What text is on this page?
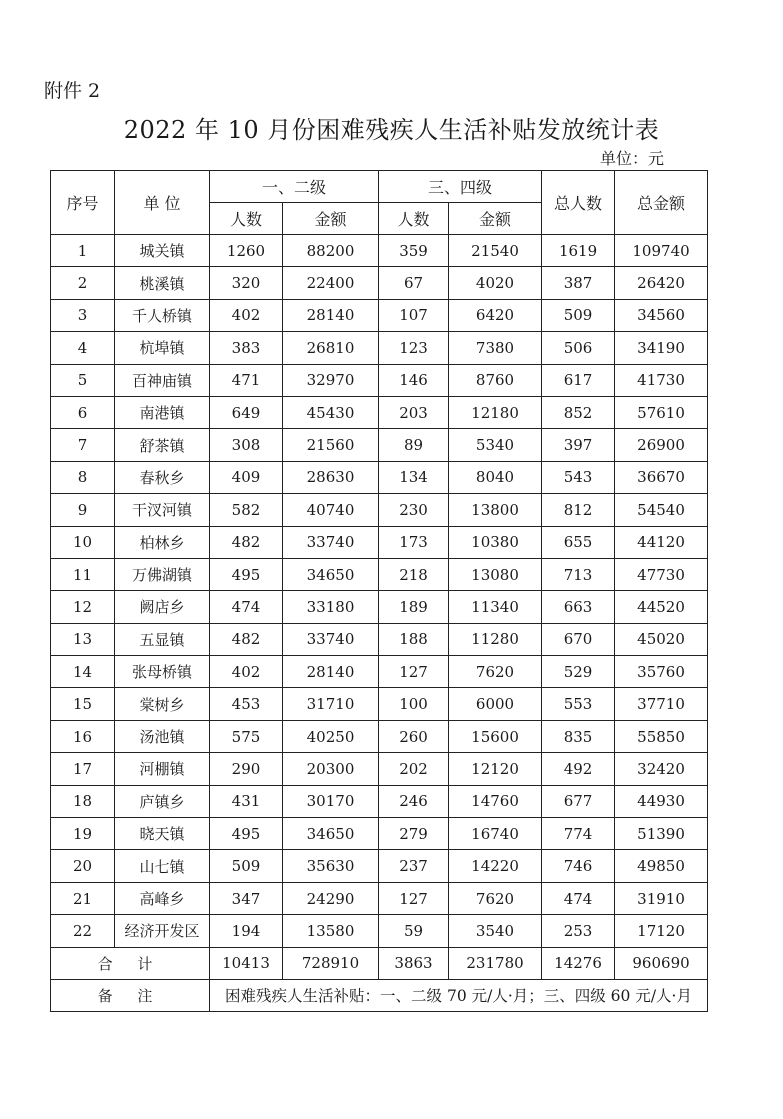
附件 2
2022 年 10 月份困难残疾人生活补贴发放统计表
单位：元
序号	单 位	一、二级		三、四级		总人数	总金额
		人数	金额	人数	金额		
1	城关镇	1260	88200	359	21540	1619	109740
2	桃溪镇	320	22400	67	4020	387	26420
3	千人桥镇	402	28140	107	6420	509	34560
4	杭埠镇	383	26810	123	7380	506	34190
5	百神庙镇	471	32970	146	8760	617	41730
6	南港镇	649	45430	203	12180	852	57610
7	舒茶镇	308	21560	89	5340	397	26900
8	春秋乡	409	28630	134	8040	543	36670
9	干汊河镇	582	40740	230	13800	812	54540
10	柏林乡	482	33740	173	10380	655	44120
11	万佛湖镇	495	34650	218	13080	713	47730
12	阙店乡	474	33180	189	11340	663	44520
13	五显镇	482	33740	188	11280	670	45020
14	张母桥镇	402	28140	127	7620	529	35760
15	棠树乡	453	31710	100	6000	553	37710
16	汤池镇	575	40250	260	15600	835	55850
17	河棚镇	290	20300	202	12120	492	32420
18	庐镇乡	431	30170	246	14760	677	44930
19	晓天镇	495	34650	279	16740	774	51390
20	山七镇	509	35630	237	14220	746	49850
21	高峰乡	347	24290	127	7620	474	31910
22	经济开发区	194	13580	59	3540	253	17120
合 计		10413	728910	3863	231780	14276	960690
备 注		困难残疾人生活补贴：一、二级 70 元/人·月；三、四级 60 元/人·月					
